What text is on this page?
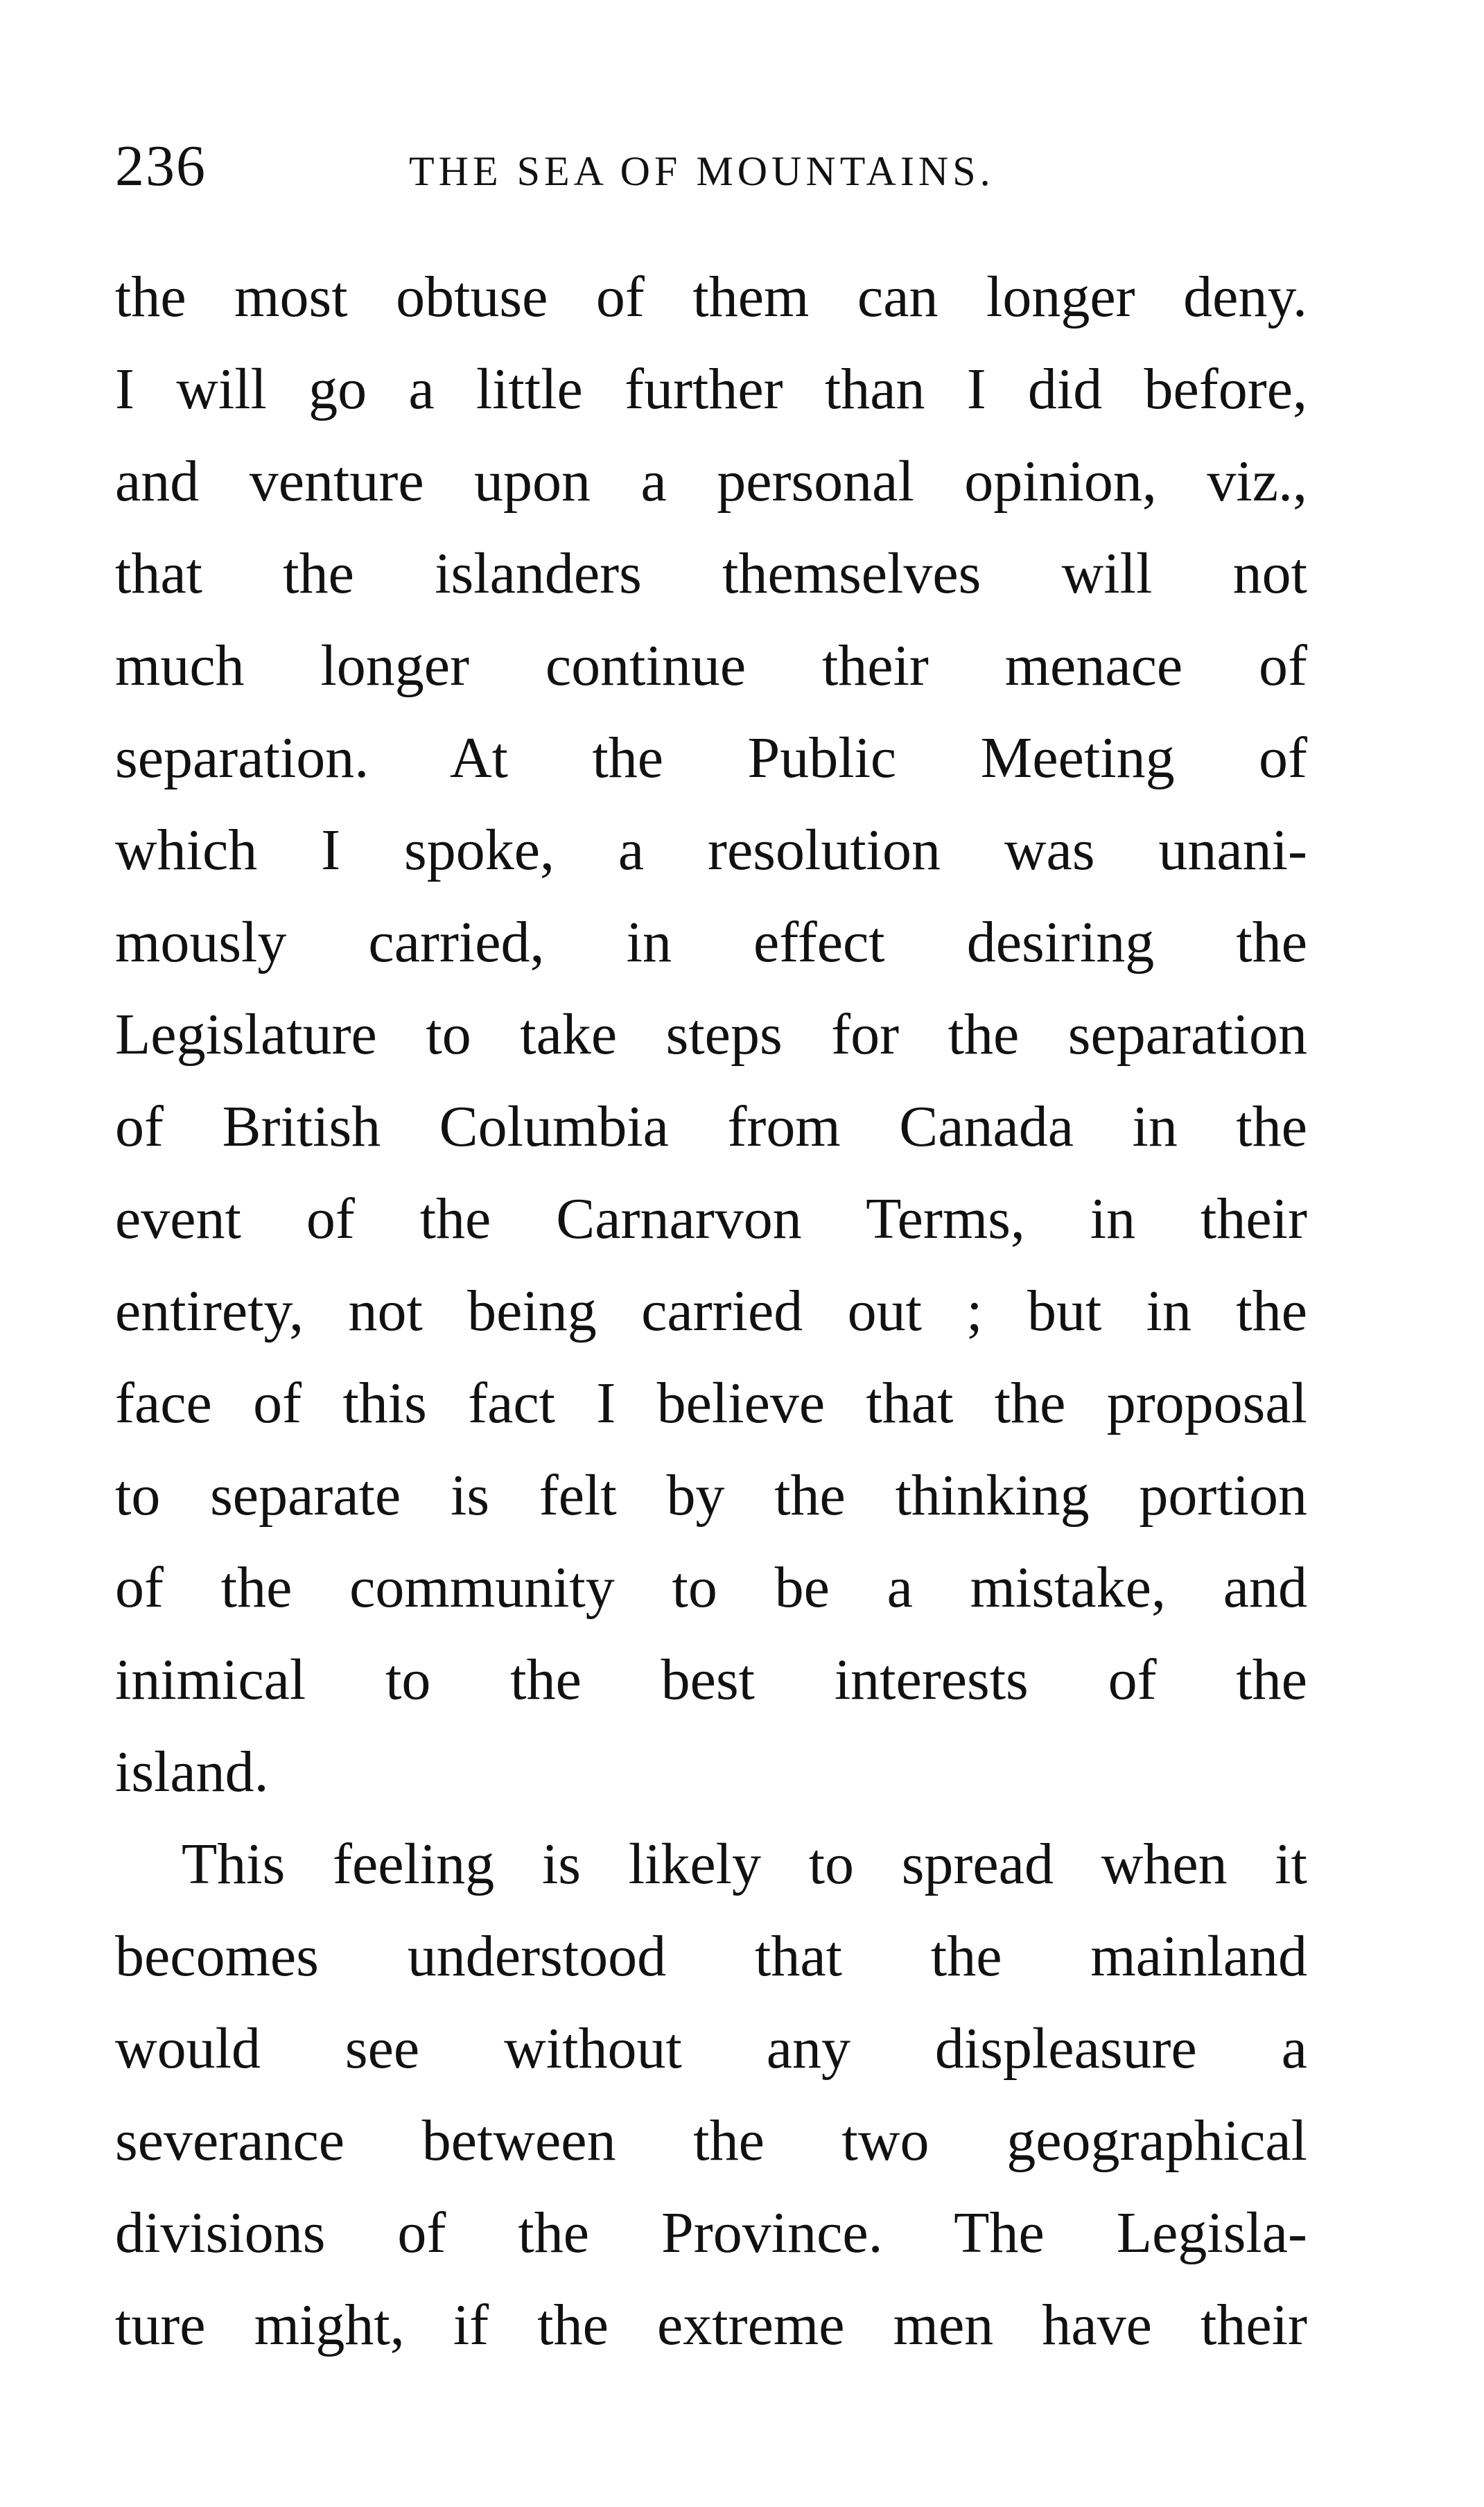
236	THE SEA OF MOUNTAINS.
the most obtuse of them can longer deny.
I will go a little further than I did before,
and venture upon a personal opinion, viz.,
that the islanders themselves will not
much longer continue their menace of
separation. At the Public Meeting of
which I spoke, a resolution was unani-
mously carried, in effect desiring the
Legislature to take steps for the separation
of British Columbia from Canada in the
event of the Carnarvon Terms, in their
entirety, not being carried out ; but in the
face of this fact I believe that the proposal
to separate is felt by the thinking portion
of the community to be a mistake, and
inimical to the best interests of the
island.
This feeling is likely to spread when it
becomes understood that the mainland
would see without any displeasure a
severance between the two geographical
divisions of the Province. The Legisla-
ture might, if the extreme men have their
